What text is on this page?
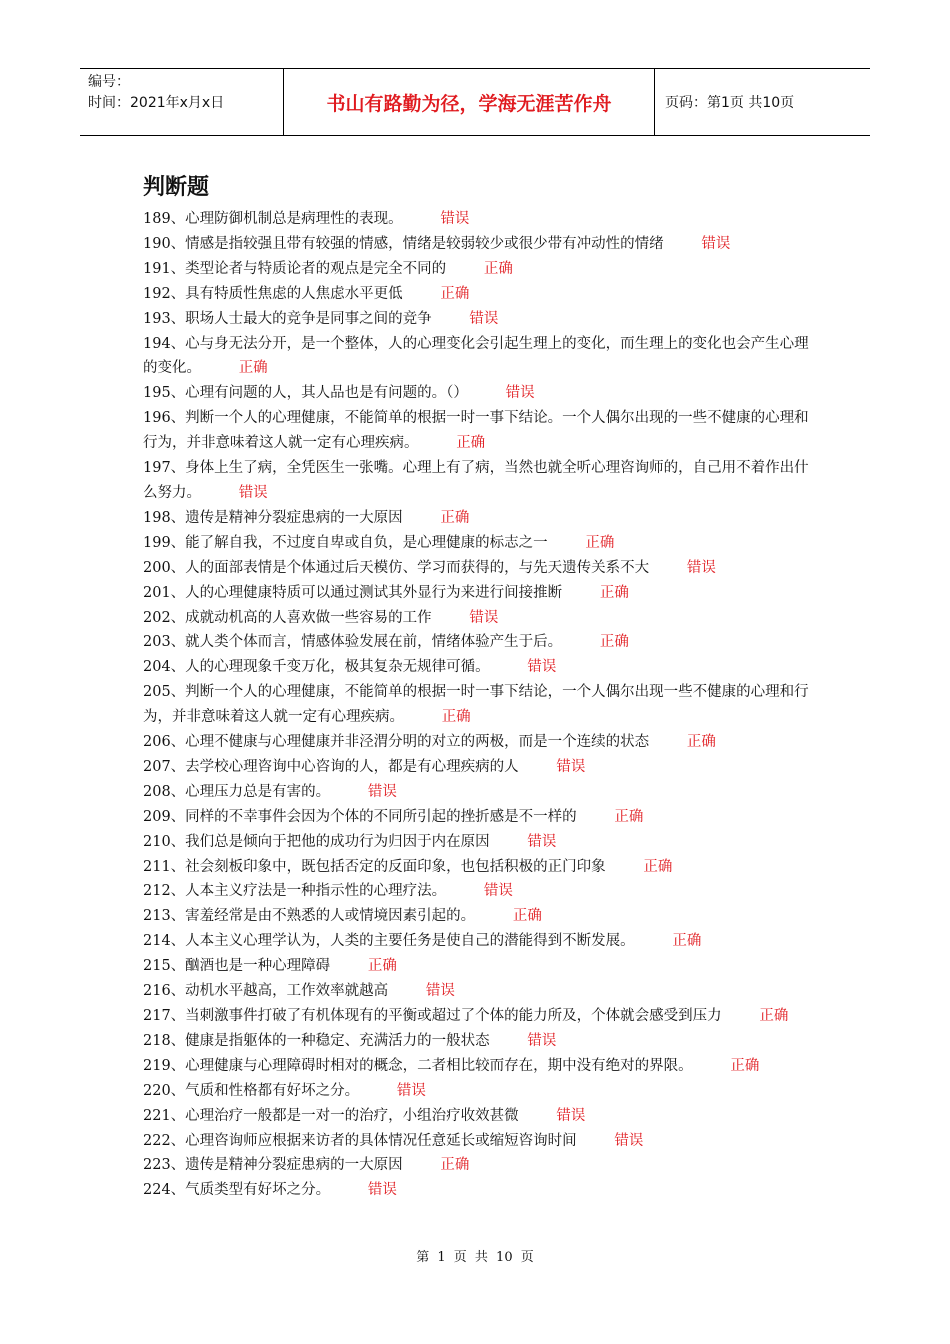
编号：
时间：2021年x月x日	书山有路勤为径，学海无涯苦作舟	页码：第1页 共10页
判断题
189、心理防御机制总是病理性的表现。	错误
190、情感是指较强且带有较强的情感，情绪是较弱较少或很少带有冲动性的情绪	错误
191、类型论者与特质论者的观点是完全不同的	正确
192、具有特质性焦虑的人焦虑水平更低	正确
193、职场人士最大的竞争是同事之间的竞争	错误
194、心与身无法分开，是一个整体，人的心理变化会引起生理上的变化，而生理上的变化也会产生心理的变化。	正确
195、心理有问题的人，其人品也是有问题的。（）	错误
196、判断一个人的心理健康，不能简单的根据一时一事下结论。一个人偶尔出现的一些不健康的心理和行为，并非意味着这人就一定有心理疾病。	正确
197、身体上生了病，全凭医生一张嘴。心理上有了病，当然也就全听心理咨询师的，自己用不着作出什么努力。	错误
198、遗传是精神分裂症患病的一大原因	正确
199、能了解自我，不过度自卑或自负，是心理健康的标志之一	正确
200、人的面部表情是个体通过后天模仿、学习而获得的，与先天遗传关系不大	错误
201、人的心理健康特质可以通过测试其外显行为来进行间接推断	正确
202、成就动机高的人喜欢做一些容易的工作	错误
203、就人类个体而言，情感体验发展在前，情绪体验产生于后。	正确
204、人的心理现象千变万化，极其复杂无规律可循。	错误
205、判断一个人的心理健康，不能简单的根据一时一事下结论，一个人偶尔出现一些不健康的心理和行为，并非意味着这人就一定有心理疾病。	正确
206、心理不健康与心理健康并非泾渭分明的对立的两极，而是一个连续的状态	正确
207、去学校心理咨询中心咨询的人，都是有心理疾病的人	错误
208、心理压力总是有害的。	错误
209、同样的不幸事件会因为个体的不同所引起的挫折感是不一样的	正确
210、我们总是倾向于把他的成功行为归因于内在原因	错误
211、社会刻板印象中，既包括否定的反面印象，也包括积极的正门印象	正确
212、人本主义疗法是一种指示性的心理疗法。	错误
213、害羞经常是由不熟悉的人或情境因素引起的。	正确
214、人本主义心理学认为，人类的主要任务是使自己的潜能得到不断发展。	正确
215、酗酒也是一种心理障碍	正确
216、动机水平越高，工作效率就越高	错误
217、当刺激事件打破了有机体现有的平衡或超过了个体的能力所及，个体就会感受到压力	正确
218、健康是指躯体的一种稳定、充满活力的一般状态	错误
219、心理健康与心理障碍时相对的概念，二者相比较而存在，期中没有绝对的界限。	正确
220、气质和性格都有好坏之分。	错误
221、心理治疗一般都是一对一的治疗，小组治疗收效甚微	错误
222、心理咨询师应根据来访者的具体情况任意延长或缩短咨询时间	错误
223、遗传是精神分裂症患病的一大原因	正确
224、气质类型有好坏之分。	错误
第 1 页 共 10 页
